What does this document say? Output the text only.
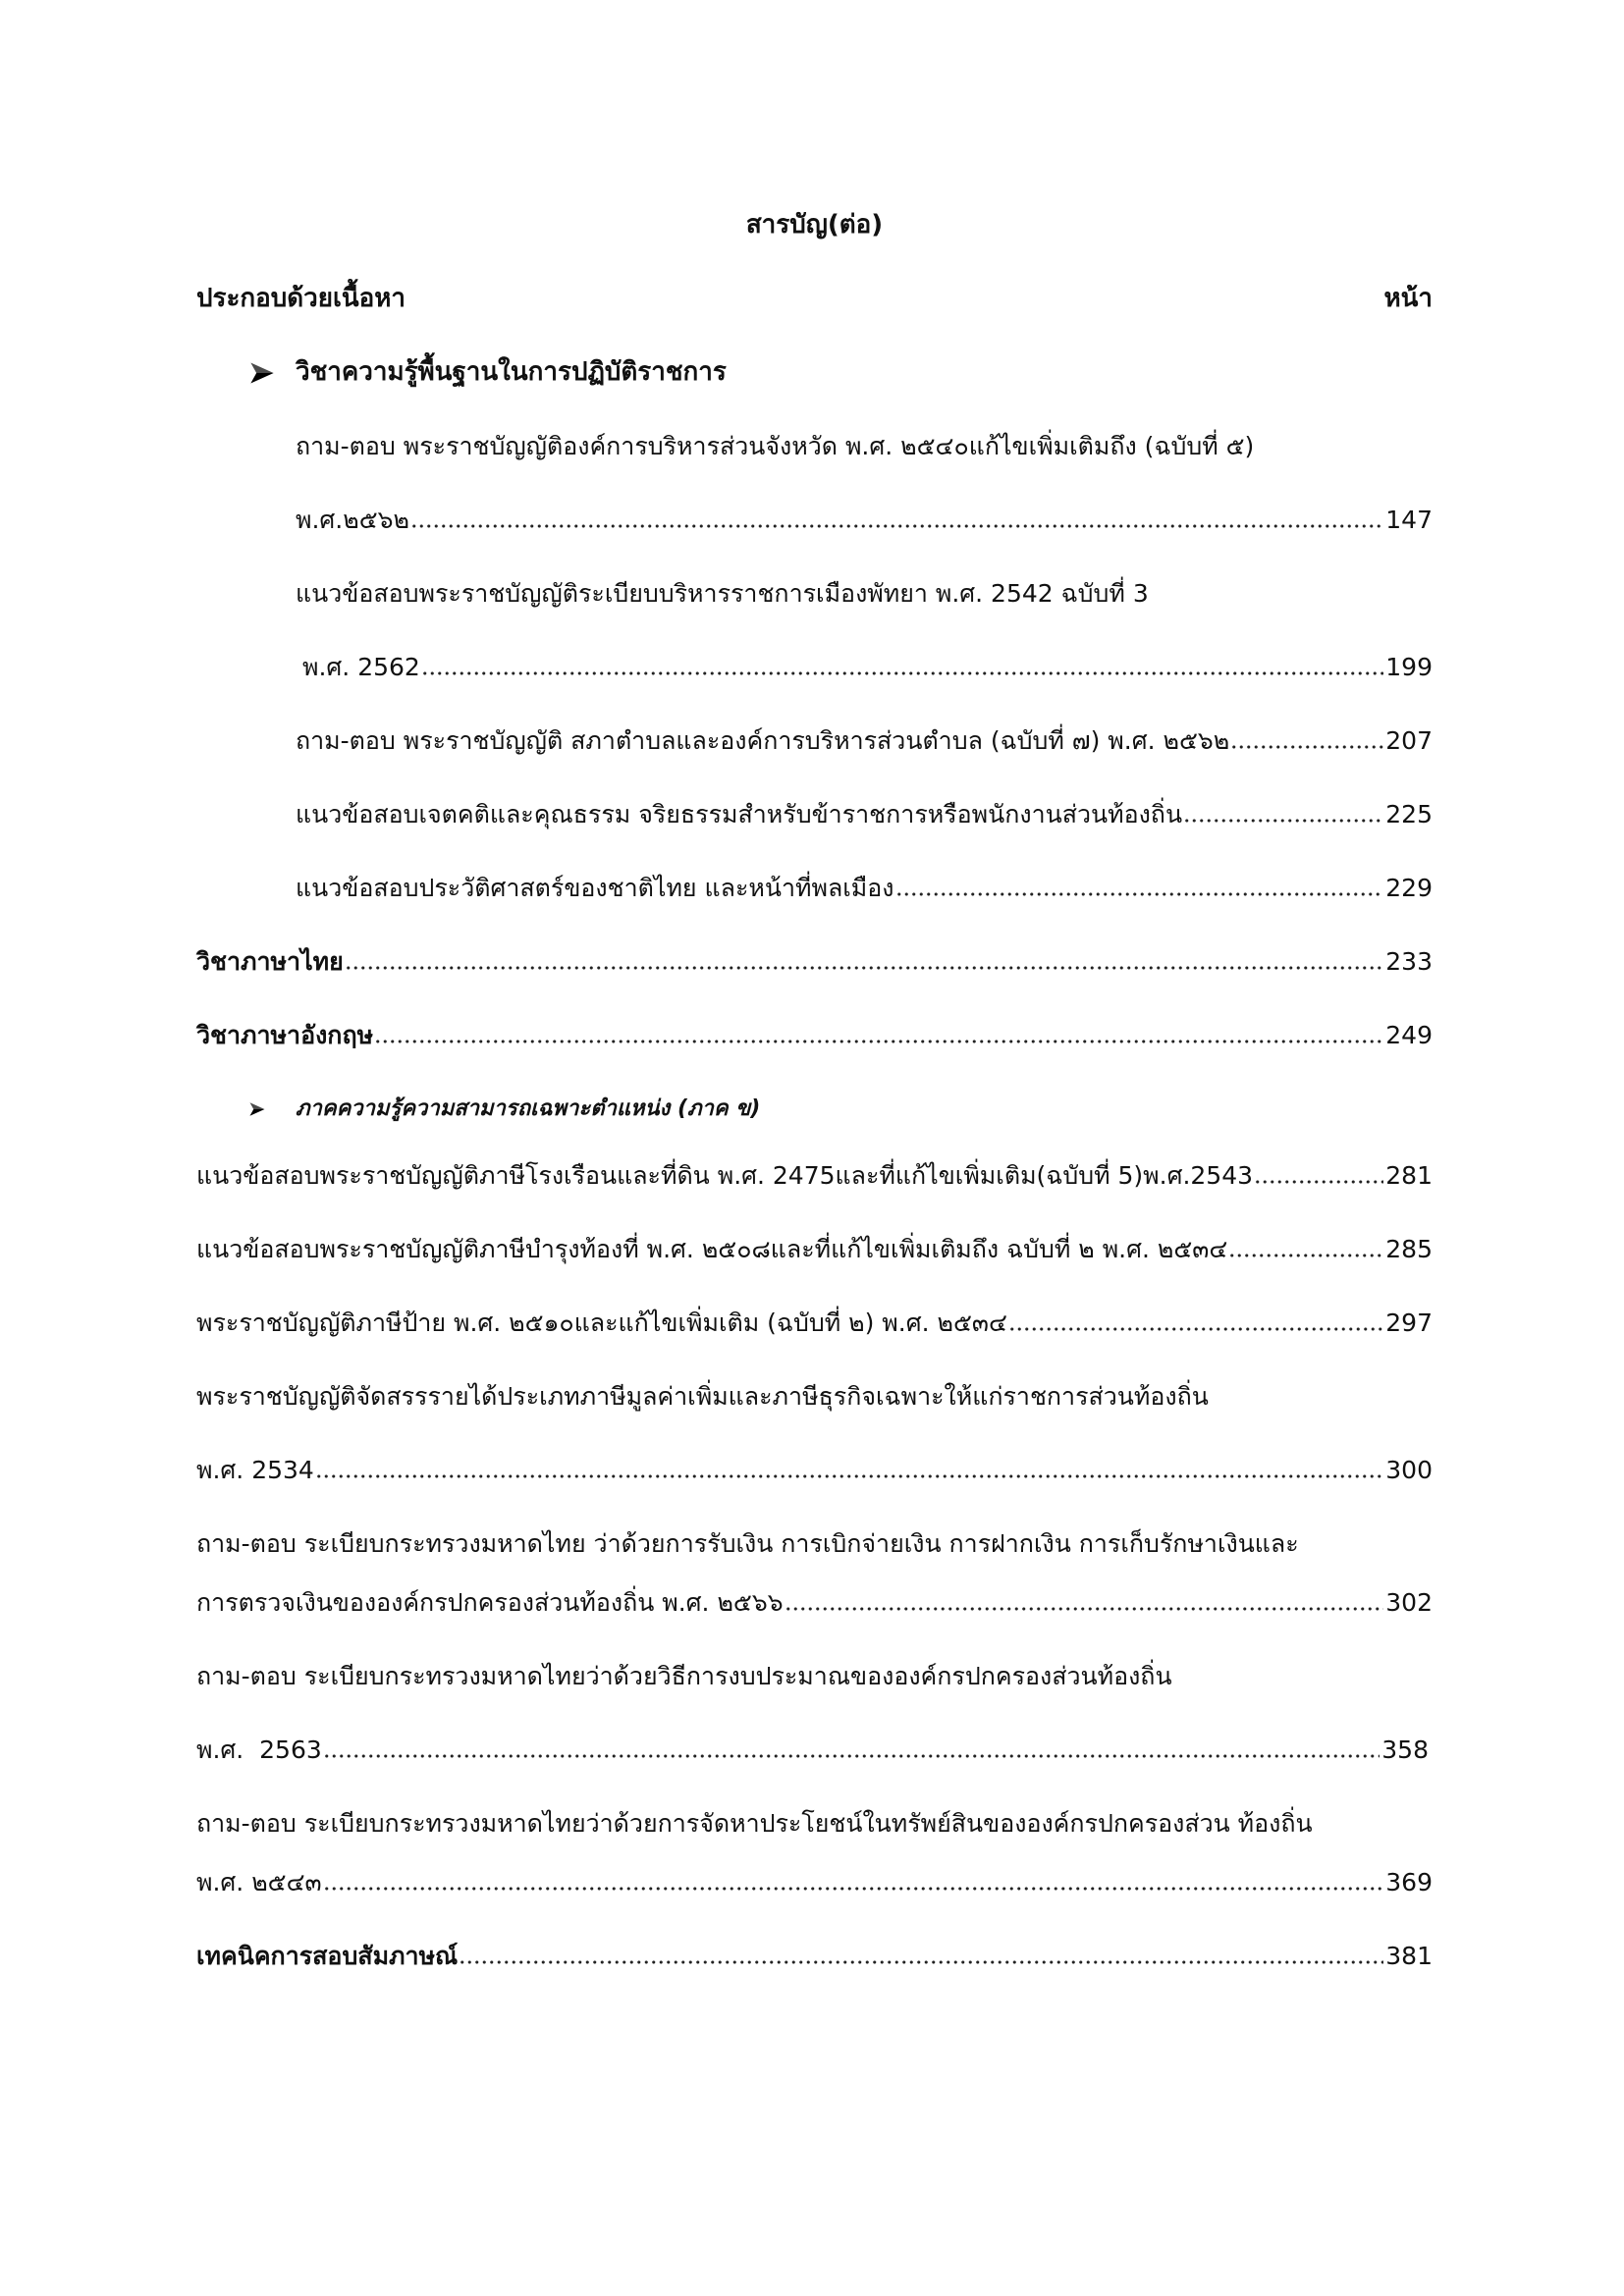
สารบัญ(ต่อ)
ประกอบด้วยเนื้อหา	หน้า
วิชาความรู้พื้นฐานในการปฏิบัติราชการ
ถาม-ตอบ พระราชบัญญัติองค์การบริหารส่วนจังหวัด พ.ศ. ๒๕๔๐แก้ไขเพิ่มเติมถึง (ฉบับที่ ๕)
พ.ศ.๒๕๖๒	147
แนวข้อสอบพระราชบัญญัติระเบียบบริหารราชการเมืองพัทยา พ.ศ. 2542 ฉบับที่ 3
พ.ศ. 2562	199
ถาม-ตอบ พระราชบัญญัติ สภาตำบลและองค์การบริหารส่วนตำบล (ฉบับที่ ๗) พ.ศ. ๒๕๖๒	207
แนวข้อสอบเจตคติและคุณธรรม จริยธรรมสำหรับข้าราชการหรือพนักงานส่วนท้องถิ่น	225
แนวข้อสอบประวัติศาสตร์ของชาติไทย และหน้าที่พลเมือง	229
วิชาภาษาไทย	233
วิชาภาษาอังกฤษ	249
ภาคความรู้ความสามารถเฉพาะตำแหน่ง (ภาค ข)
แนวข้อสอบพระราชบัญญัติภาษีโรงเรือนและที่ดิน พ.ศ. 2475และที่แก้ไขเพิ่มเติม(ฉบับที่ 5)พ.ศ.2543	281
แนวข้อสอบพระราชบัญญัติภาษีบำรุงท้องที่ พ.ศ. ๒๕๐๘และที่แก้ไขเพิ่มเติมถึง ฉบับที่ ๒ พ.ศ. ๒๕๓๔	285
พระราชบัญญัติภาษีป้าย พ.ศ. ๒๕๑๐และแก้ไขเพิ่มเติม (ฉบับที่ ๒) พ.ศ. ๒๕๓๔	297
พระราชบัญญัติจัดสรรรายได้ประเภทภาษีมูลค่าเพิ่มและภาษีธุรกิจเฉพาะให้แก่ราชการส่วนท้องถิ่น
พ.ศ. 2534	300
ถาม-ตอบ ระเบียบกระทรวงมหาดไทย ว่าด้วยการรับเงิน การเบิกจ่ายเงิน การฝากเงิน การเก็บรักษาเงินและ
การตรวจเงินขององค์กรปกครองส่วนท้องถิ่น พ.ศ. ๒๕๖๖	302
ถาม-ตอบ ระเบียบกระทรวงมหาดไทยว่าด้วยวิธีการงบประมาณขององค์กรปกครองส่วนท้องถิ่น
พ.ศ.  2563	358
ถาม-ตอบ ระเบียบกระทรวงมหาดไทยว่าด้วยการจัดหาประโยชน์ในทรัพย์สินขององค์กรปกครองส่วน ท้องถิ่น
พ.ศ. ๒๕๔๓	369
เทคนิคการสอบสัมภาษณ์	381
